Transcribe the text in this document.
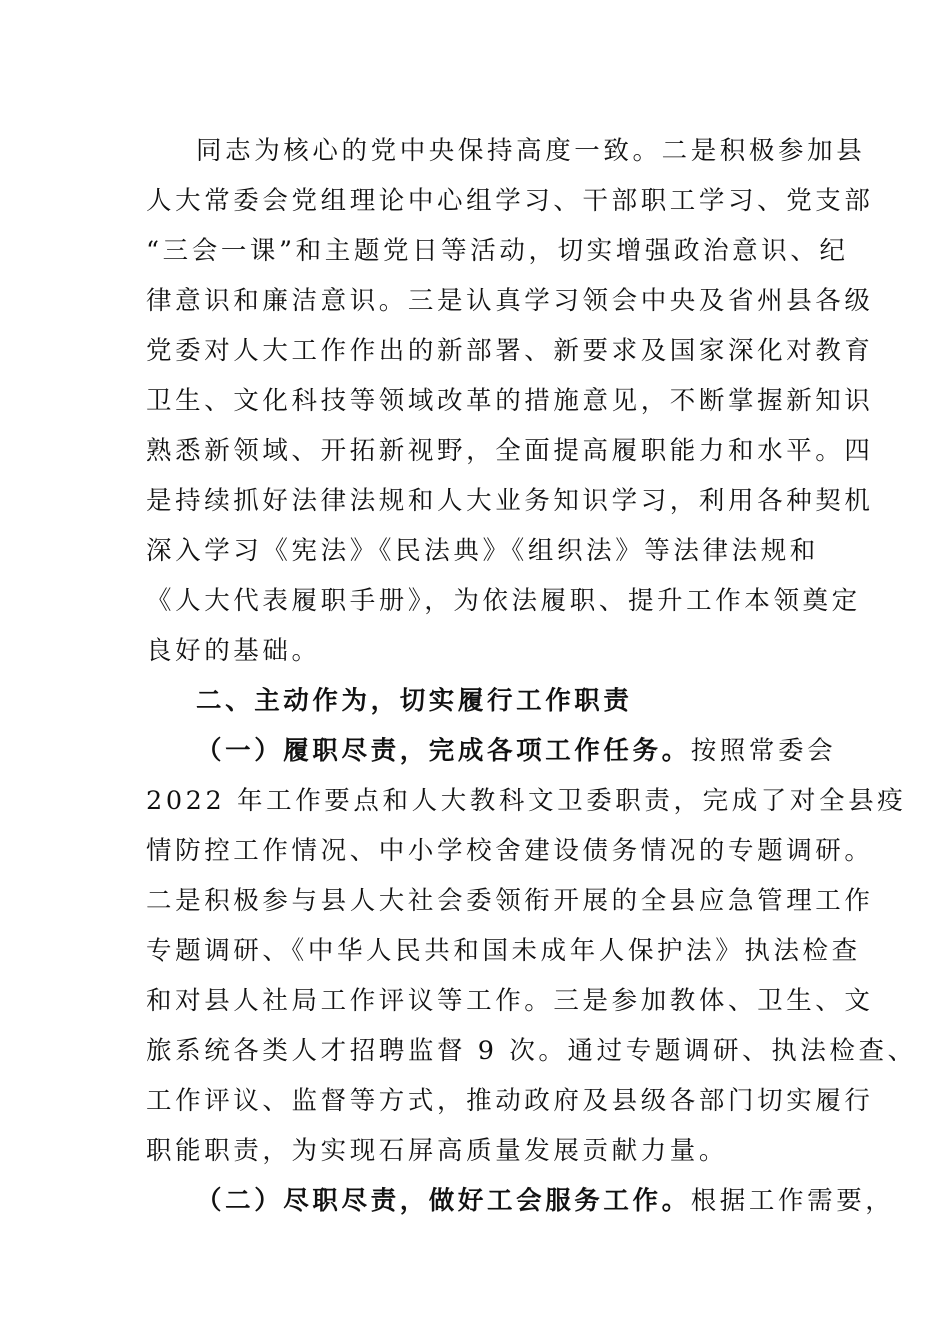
同志为核心的党中央保持高度一致。二是积极参加县
人大常委会党组理论中心组学习、干部职工学习、党支部
“三会一课”和主题党日等活动，切实增强政治意识、纪
律意识和廉洁意识。三是认真学习领会中央及省州县各级
党委对人大工作作出的新部署、新要求及国家深化对教育
卫生、文化科技等领域改革的措施意见，不断掌握新知识
熟悉新领域、开拓新视野，全面提高履职能力和水平。四
是持续抓好法律法规和人大业务知识学习，利用各种契机
深入学习《宪法》《民法典》《组织法》等法律法规和
《人大代表履职手册》，为依法履职、提升工作本领奠定
良好的基础。
二、主动作为，切实履行工作职责
（一）履职尽责，完成各项工作任务。按照常委会
2022 年工作要点和人大教科文卫委职责，完成了对全县疫
情防控工作情况、中小学校舍建设债务情况的专题调研。
二是积极参与县人大社会委领衔开展的全县应急管理工作
专题调研、《中华人民共和国未成年人保护法》执法检查
和对县人社局工作评议等工作。三是参加教体、卫生、文
旅系统各类人才招聘监督 9 次。通过专题调研、执法检查、
工作评议、监督等方式，推动政府及县级各部门切实履行
职能职责，为实现石屏高质量发展贡献力量。
（二）尽职尽责，做好工会服务工作。根据工作需要，
